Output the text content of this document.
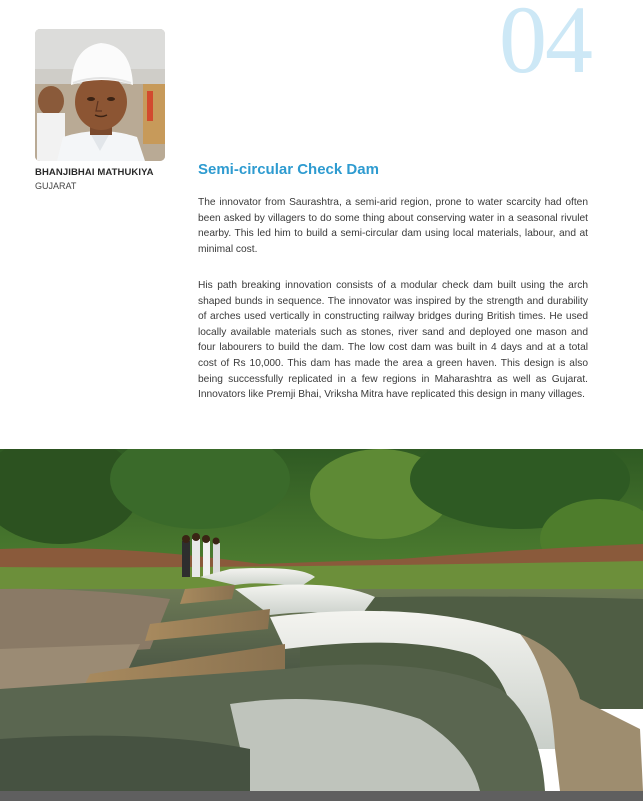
04
BHANJIBHAI MATHUKIYA
GUJARAT
Semi-circular Check Dam

The innovator from Saurashtra, a semi-arid region, prone to water scarcity had often been asked by villagers to do some thing about conserving water in a seasonal rivulet nearby. This led him to build a semi-circular dam using local materials, labour, and at minimal cost.

His path breaking innovation consists of a modular check dam built using the arch shaped bunds in sequence. The innovator was inspired by the strength and durability of arches used vertically in constructing railway bridges during British times. He used locally available materials such as stones, river sand and deployed one mason and four labourers to build the dam. The low cost dam was built in 4 days and at a total cost of Rs 10,000. This dam has made the area a green haven. This design is also being successfully replicated in a few regions in Maharashtra as well as Gujarat. Innovators like Premji Bhai, Vriksha Mitra have replicated this design in many villages.
